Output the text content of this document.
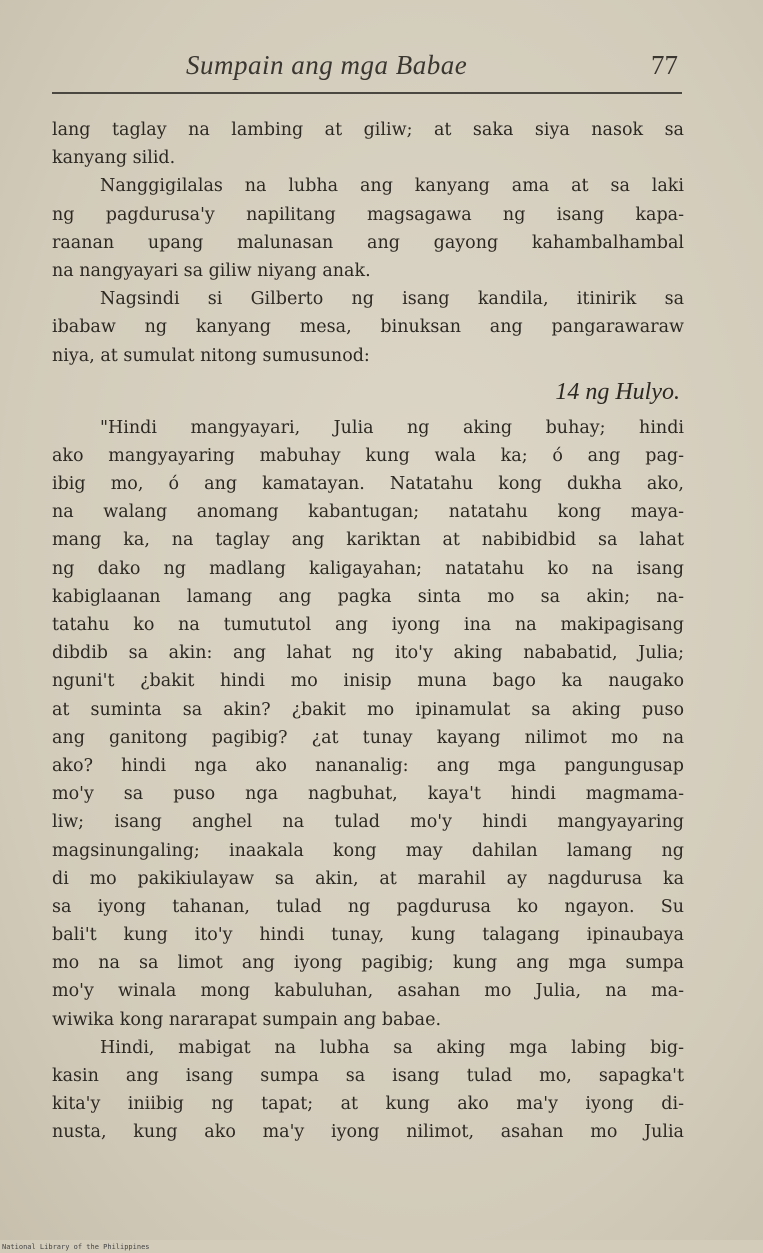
Sumpain ang mga Babae	77
lang taglay na lambing at giliw; at saka siya nasok sa
kanyang silid.
Nanggigilalas na lubha ang kanyang ama at sa laki
ng pagdurusa'y napilitang magsagawa ng isang kapa-
raanan upang malunasan ang gayong kahambalhambal
na nangyayari sa giliw niyang anak.
Nagsindi si Gilberto ng isang kandila, itinirik sa
ibabaw ng kanyang mesa, binuksan ang pangarawaraw
niya, at sumulat nitong sumusunod:
14 ng Hulyo.
"Hindi mangyayari, Julia ng aking buhay; hindi
ako mangyayaring mabuhay kung wala ka; ó ang pag-
ibig mo, ó ang kamatayan. Natatahu kong dukha ako,
na walang anomang kabantugan; natatahu kong maya-
mang ka, na taglay ang kariktan at nabibidbid sa lahat
ng dako ng madlang kaligayahan; natatahu ko na isang
kabiglaanan lamang ang pagka sinta mo sa akin; na-
tatahu ko na tumututol ang iyong ina na makipagisang
dibdib sa akin: ang lahat ng ito'y aking nababatid, Julia;
nguni't ¿bakit hindi mo inisip muna bago ka naugako
at suminta sa akin? ¿bakit mo ipinamulat sa aking puso
ang ganitong pagibig? ¿at tunay kayang nilimot mo na
ako? hindi nga ako nananalig: ang mga pangungusap
mo'y sa puso nga nagbuhat, kaya't hindi magmama-
liw; isang anghel na tulad mo'y hindi mangyayaring
magsinungaling; inaakala kong may dahilan lamang ng
di mo pakikiulayaw sa akin, at marahil ay nagdurusa ka
sa iyong tahanan, tulad ng pagdurusa ko ngayon. Su
bali't kung ito'y hindi tunay, kung talagang ipinaubaya
mo na sa limot ang iyong pagibig; kung ang mga sumpa
mo'y winala mong kabuluhan, asahan mo Julia, na ma-
wiwika kong nararapat sumpain ang babae.
Hindi, mabigat na lubha sa aking mga labing big-
kasin ang isang sumpa sa isang tulad mo, sapagka't
kita'y iniibig ng tapat; at kung ako ma'y iyong di-
nusta, kung ako ma'y iyong nilimot, asahan mo Julia
National Library of the Philippines
